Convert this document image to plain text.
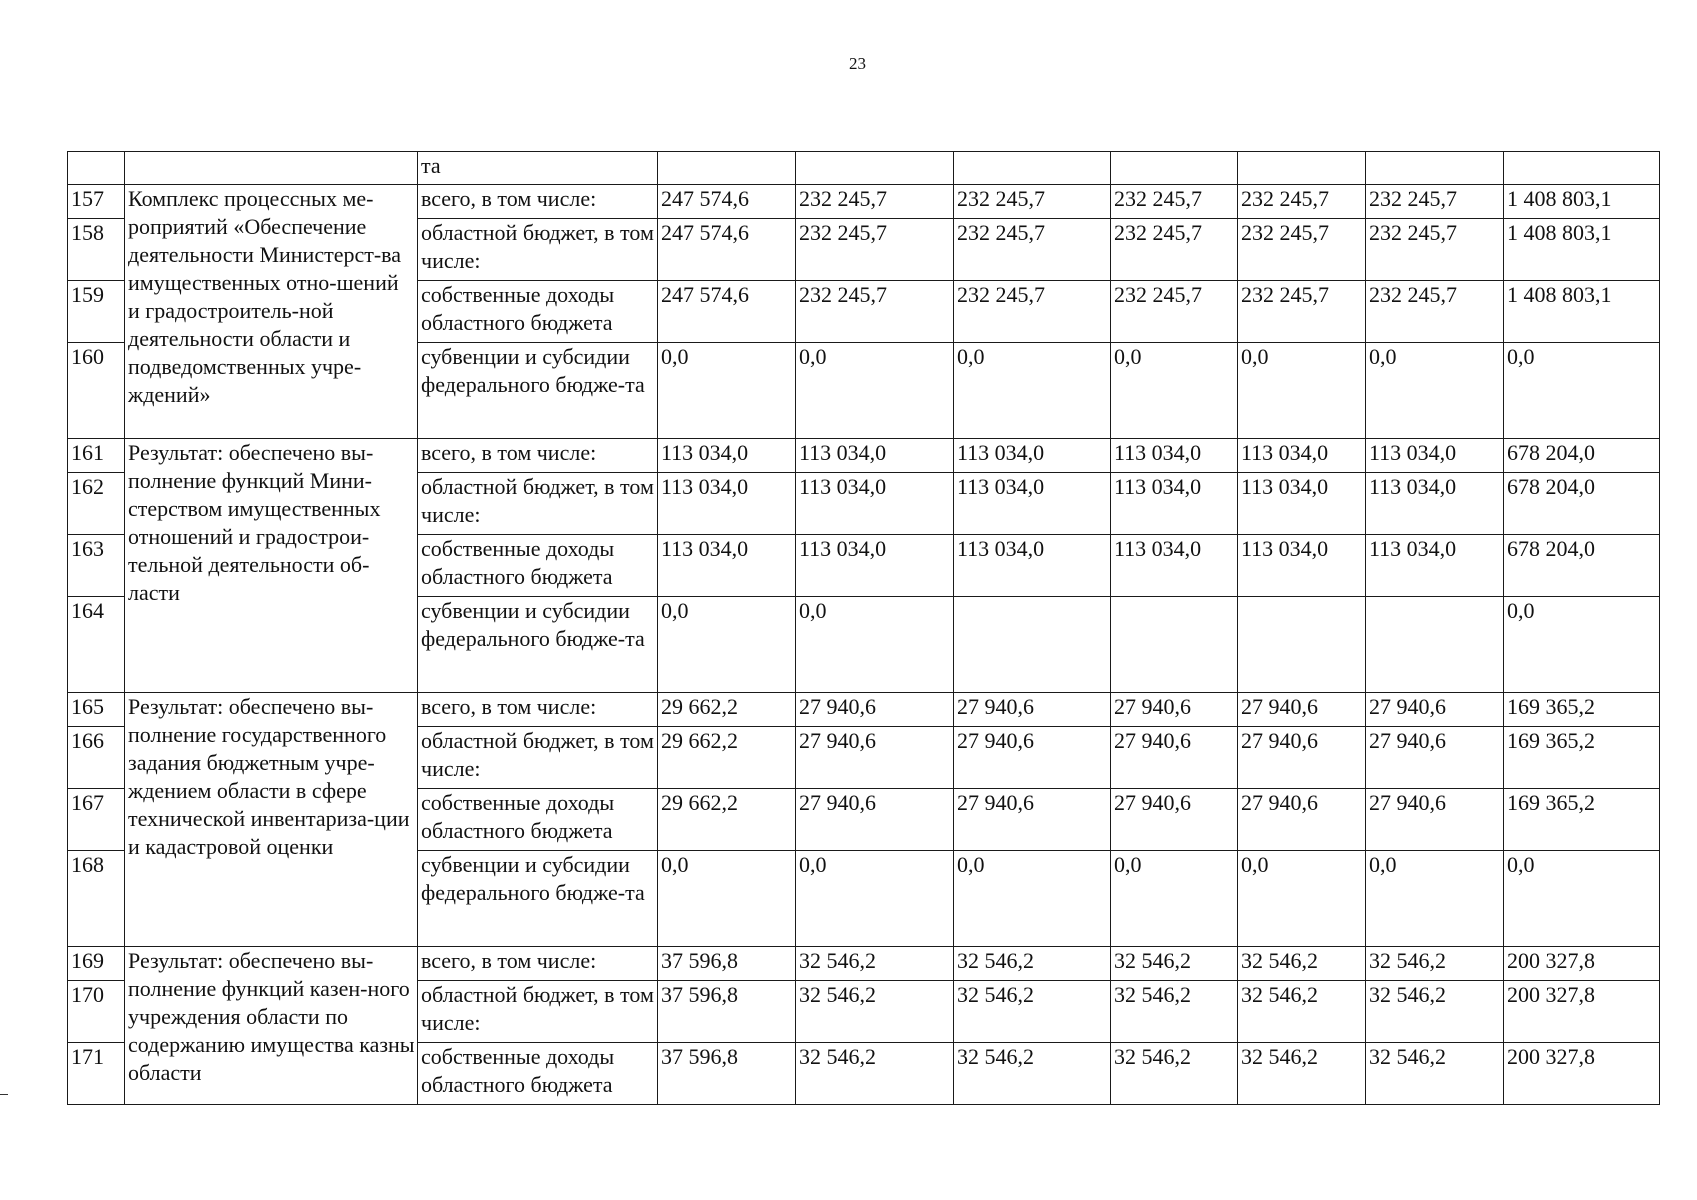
23
		та							
157	Комплекс процессных ме-роприятий «Обеспечение деятельности Министерст-ва имущественных отно-шений и градостроитель-ной деятельности области и подведомственных учре-ждений»	всего, в том числе:	247 574,6	232 245,7	232 245,7	232 245,7	232 245,7	232 245,7	1 408 803,1
158		областной бюджет, в том числе:	247 574,6	232 245,7	232 245,7	232 245,7	232 245,7	232 245,7	1 408 803,1
159		собственные доходы областного бюджета	247 574,6	232 245,7	232 245,7	232 245,7	232 245,7	232 245,7	1 408 803,1
160		субвенции и субсидии федерального бюдже-та	0,0	0,0	0,0	0,0	0,0	0,0	0,0
161	Результат: обеспечено вы-полнение функций Мини-стерством имущественных отношений и градострои-тельной деятельности об-ласти	всего, в том числе:	113 034,0	113 034,0	113 034,0	113 034,0	113 034,0	113 034,0	678 204,0
162		областной бюджет, в том числе:	113 034,0	113 034,0	113 034,0	113 034,0	113 034,0	113 034,0	678 204,0
163		собственные доходы областного бюджета	113 034,0	113 034,0	113 034,0	113 034,0	113 034,0	113 034,0	678 204,0
164		субвенции и субсидии федерального бюдже-та	0,0	0,0					0,0
165	Результат: обеспечено вы-полнение государственного задания бюджетным учре-ждением области в сфере технической инвентариза-ции и кадастровой оценки	всего, в том числе:	29 662,2	27 940,6	27 940,6	27 940,6	27 940,6	27 940,6	169 365,2
166		областной бюджет, в том числе:	29 662,2	27 940,6	27 940,6	27 940,6	27 940,6	27 940,6	169 365,2
167		собственные доходы областного бюджета	29 662,2	27 940,6	27 940,6	27 940,6	27 940,6	27 940,6	169 365,2
168		субвенции и субсидии федерального бюдже-та	0,0	0,0	0,0	0,0	0,0	0,0	0,0
169	Результат: обеспечено вы-полнение функций казен-ного учреждения области по содержанию имущества казны области	всего, в том числе:	37 596,8	32 546,2	32 546,2	32 546,2	32 546,2	32 546,2	200 327,8
170		областной бюджет, в том числе:	37 596,8	32 546,2	32 546,2	32 546,2	32 546,2	32 546,2	200 327,8
171		собственные доходы областного бюджета	37 596,8	32 546,2	32 546,2	32 546,2	32 546,2	32 546,2	200 327,8
